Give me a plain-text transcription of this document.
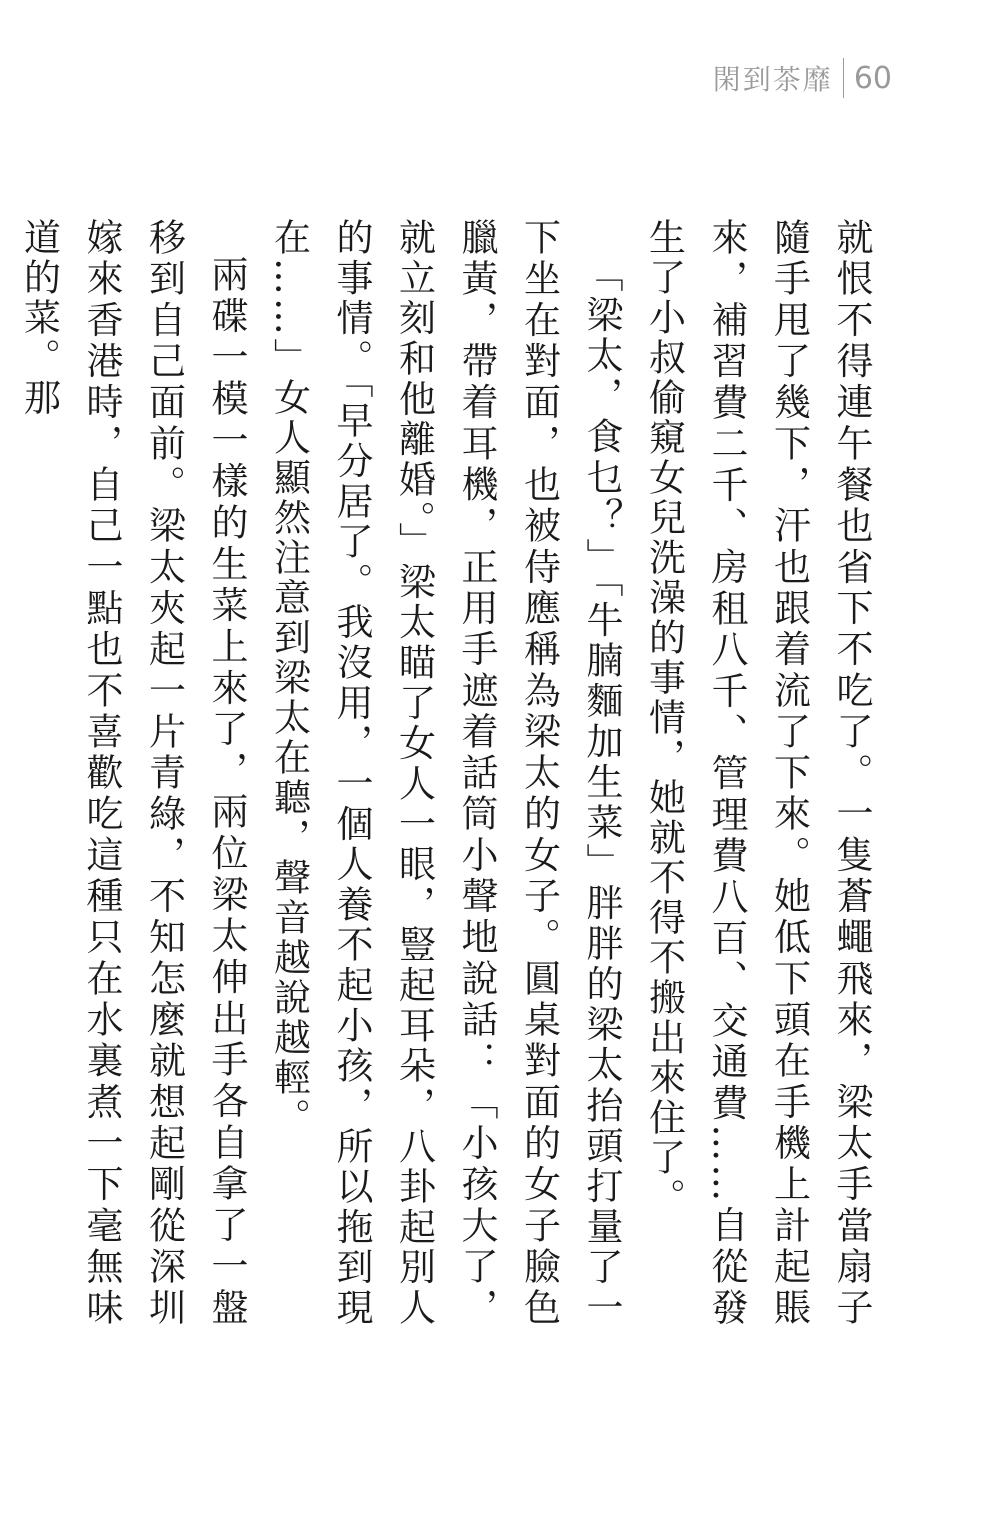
閑到茶靡 60

就恨不得連午餐也省下不吃了。一隻蒼蠅飛來，梁太手當扇子隨手甩了幾下，汗也跟着流了下來。她低下頭在手機上計起賬來，補習費二千、房租八千、管理費八百、交通費……自從發生了小叔偷窺女兒洗澡的事情，她就不得不搬出來住了。

「梁太，食乜？」「牛腩麵加生菜」胖胖的梁太抬頭打量了一下坐在對面，也被侍應稱為梁太的女子。圓桌對面的女子臉色臘黃，帶着耳機，正用手遮着話筒小聲地說話：「小孩大了，就立刻和他離婚。」梁太瞄了女人一眼，豎起耳朵，八卦起別人的事情。「早分居了。我沒用，一個人養不起小孩，所以拖到現在……」女人顯然注意到梁太在聽，聲音越說越輕。

兩碟一模一樣的生菜上來了，兩位梁太伸出手各自拿了一盤移到自己面前。梁太夾起一片青綠，不知怎麼就想起剛從深圳嫁來香港時，自己一點也不喜歡吃這種只在水裏煮一下毫無味道的菜。那
